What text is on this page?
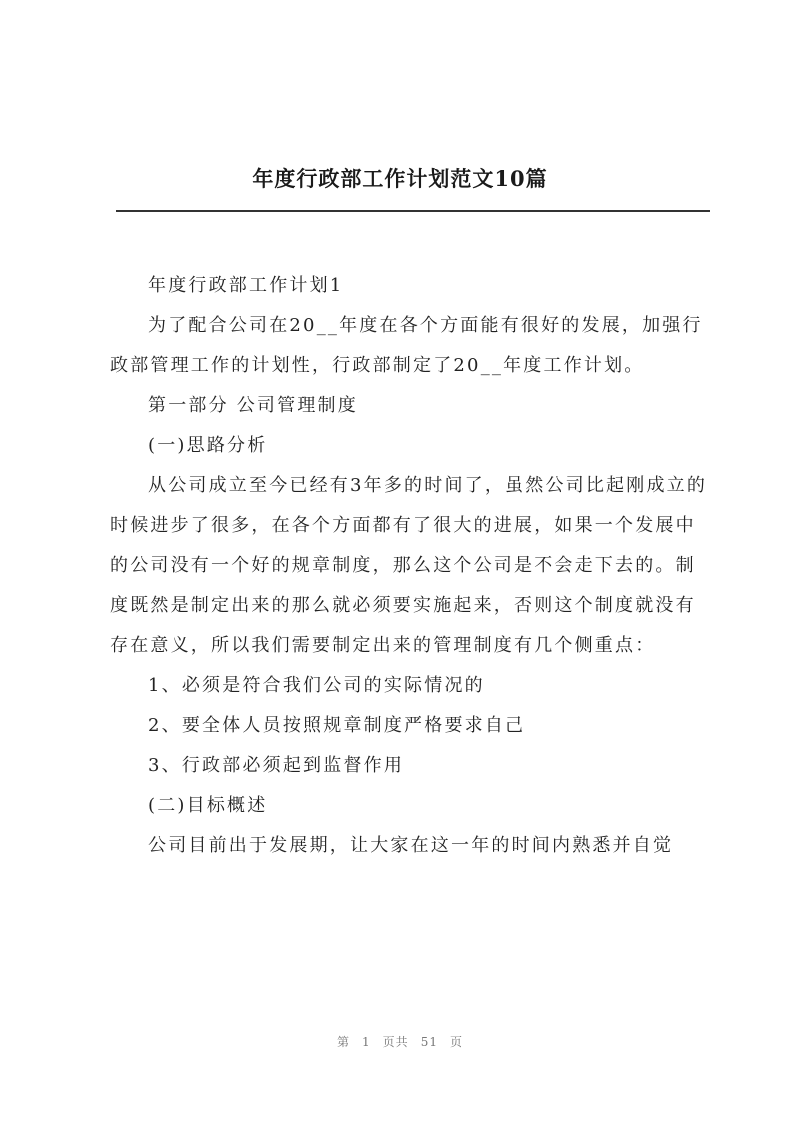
年度行政部工作计划范文10篇

年度行政部工作计划1

为了配合公司在20__年度在各个方面能有很好的发展，加强行政部管理工作的计划性，行政部制定了20__年度工作计划。

第一部分 公司管理制度

(一)思路分析

从公司成立至今已经有3年多的时间了，虽然公司比起刚成立的时候进步了很多，在各个方面都有了很大的进展，如果一个发展中的公司没有一个好的规章制度，那么这个公司是不会走下去的。制度既然是制定出来的那么就必须要实施起来，否则这个制度就没有存在意义，所以我们需要制定出来的管理制度有几个侧重点：

1、必须是符合我们公司的实际情况的

2、要全体人员按照规章制度严格要求自己

3、行政部必须起到监督作用

(二)目标概述

公司目前出于发展期，让大家在这一年的时间内熟悉并自觉

第 1 页共 51 页
